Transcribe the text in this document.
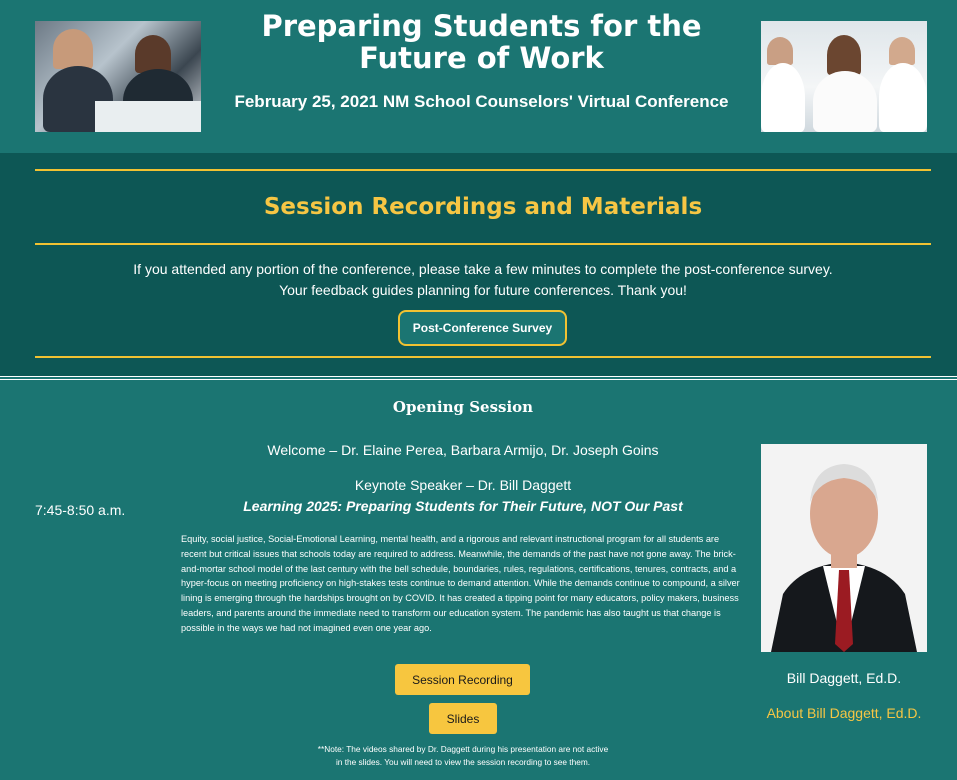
Preparing Students for the Future of Work
February 25, 2021 NM School Counselors' Virtual Conference
Session Recordings and Materials
If you attended any portion of the conference, please take a few minutes to complete the post-conference survey.
Your feedback guides planning for future conferences. Thank you!
Post-Conference Survey
Opening Session
7:45-8:50 a.m.
Welcome – Dr. Elaine Perea, Barbara Armijo, Dr. Joseph Goins
Keynote Speaker – Dr. Bill Daggett
Learning 2025: Preparing Students for Their Future, NOT Our Past
Equity, social justice, Social-Emotional Learning, mental health, and a rigorous and relevant instructional program for all students are recent but critical issues that schools today are required to address. Meanwhile, the demands of the past have not gone away. The brick-and-mortar school model of the last century with the bell schedule, boundaries, rules, regulations, certifications, tenures, contracts, and a hyper-focus on meeting proficiency on high-stakes tests continue to demand attention. While the demands continue to compound, a silver lining is emerging through the hardships brought on by COVID. It has created a tipping point for many educators, policy makers, business leaders, and parents around the immediate need to transform our education system. The pandemic has also taught us that change is possible in the ways we had not imagined even one year ago.
Session Recording
Slides
**Note: The videos shared by Dr. Daggett during his presentation are not active
in the slides. You will need to view the session recording to see them.
Bill Daggett, Ed.D.
About Bill Daggett, Ed.D.
